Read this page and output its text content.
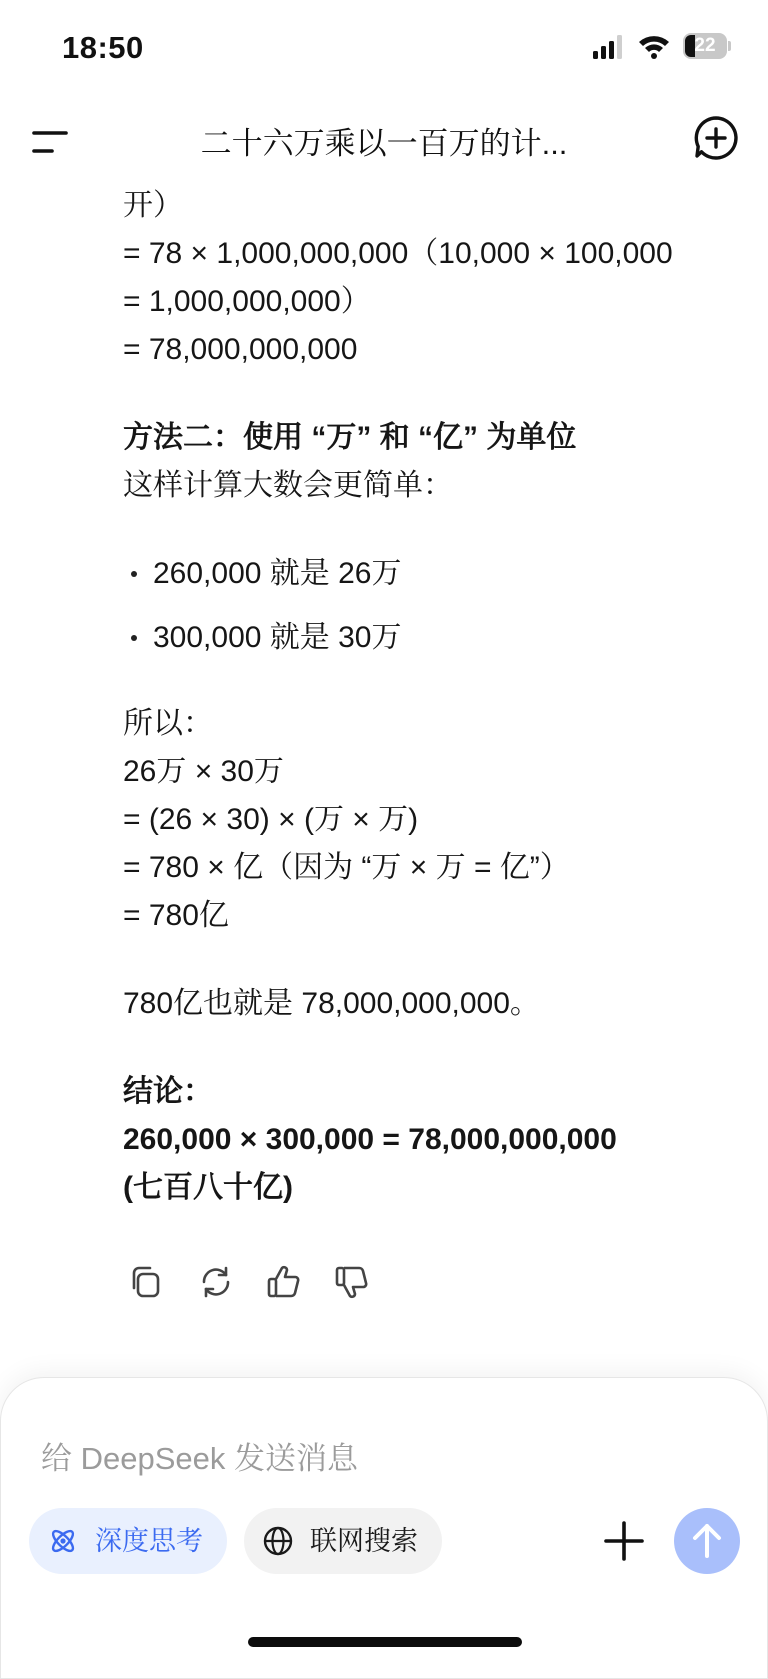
18:50	22
二十六万乘以一百万的计...

开）

= 78 × 1,000,000,000（10,000 × 100,000

= 1,000,000,000）

= 78,000,000,000

方法二：使用 “万” 和 “亿” 为单位

这样计算大数会更简单：

260,000 就是 26万
300,000 就是 30万

所以：

26万 × 30万

= (26 × 30) × (万 × 万)

= 780 × 亿（因为 “万 × 万 = 亿”）

= 780亿

780亿也就是 78,000,000,000。

结论：

260,000 × 300,000 = 78,000,000,000

(七百八十亿)

给 DeepSeek 发送消息
深度思考	联网搜索
